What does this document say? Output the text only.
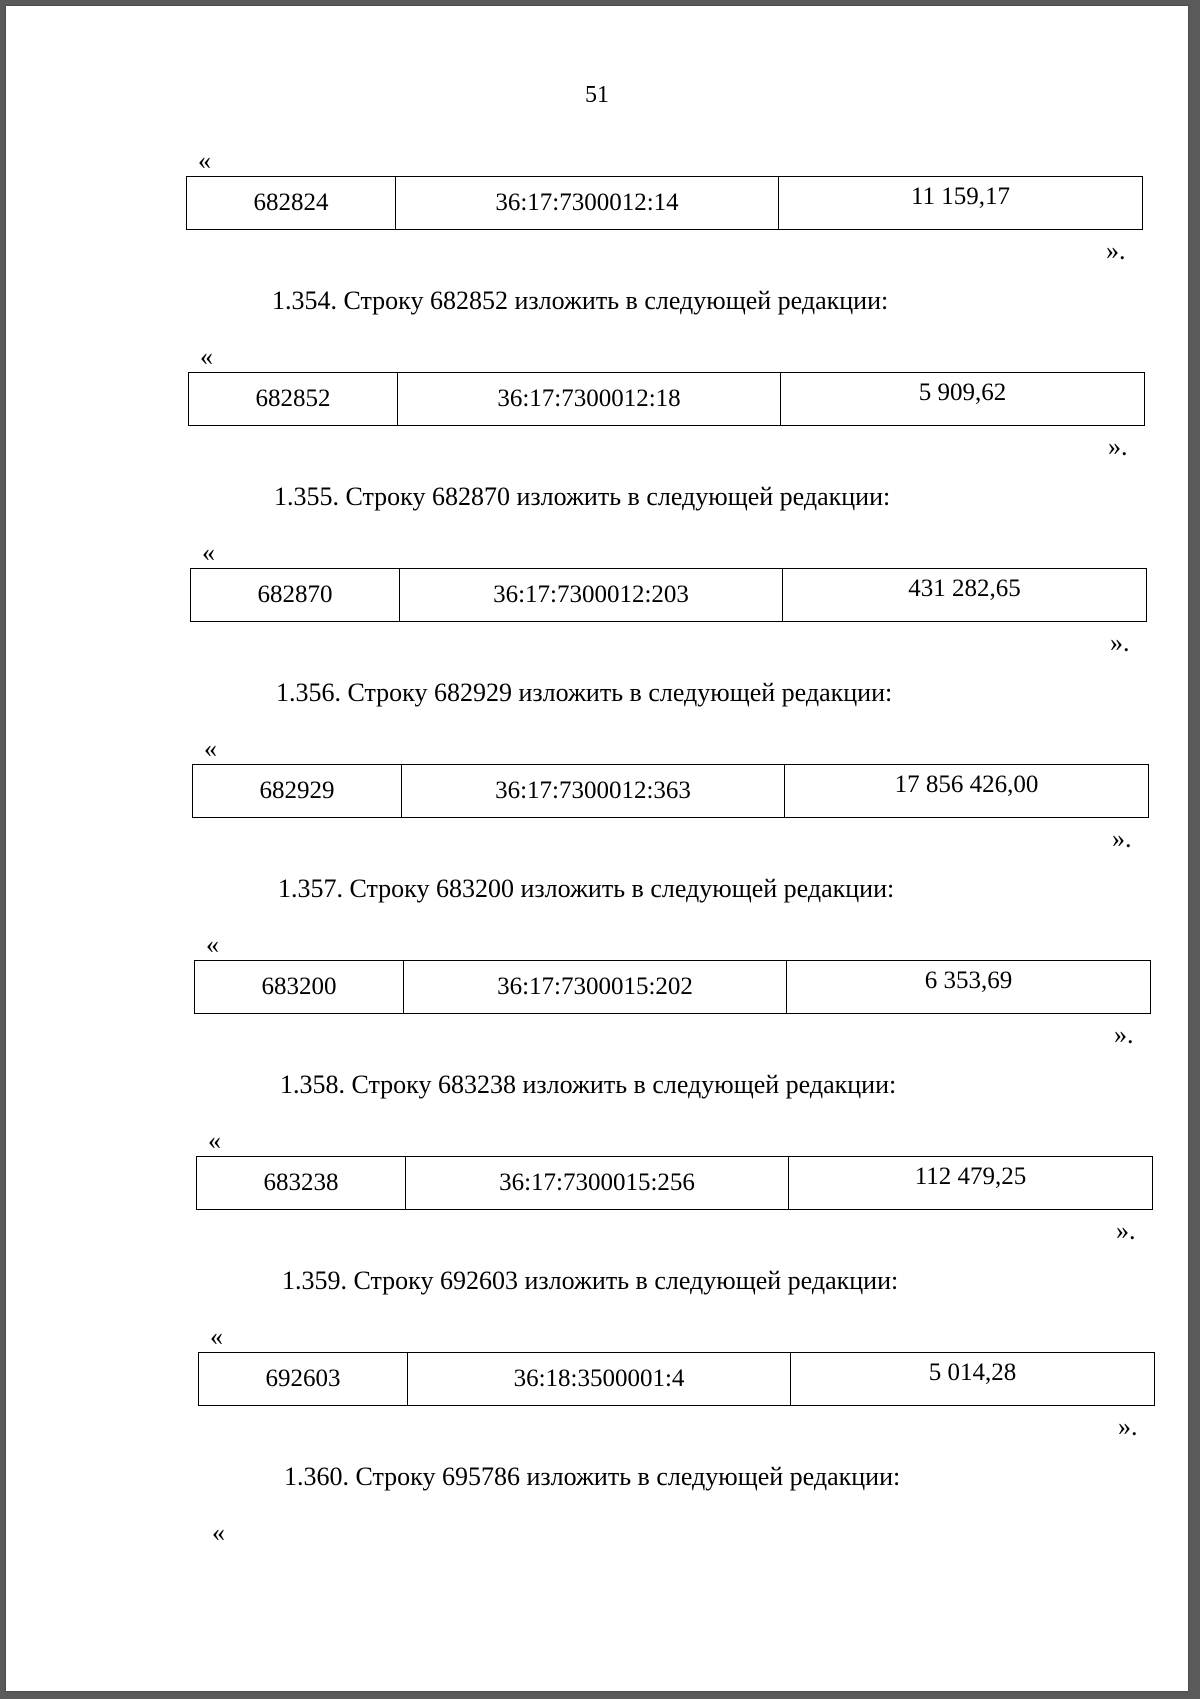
51
«
682824	36:17:7300012:14	11 159,17
».
1.354. Строку 682852 изложить в следующей редакции:
«
682852	36:17:7300012:18	5 909,62
».
1.355. Строку 682870 изложить в следующей редакции:
«
682870	36:17:7300012:203	431 282,65
».
1.356. Строку 682929 изложить в следующей редакции:
«
682929	36:17:7300012:363	17 856 426,00
».
1.357. Строку 683200 изложить в следующей редакции:
«
683200	36:17:7300015:202	6 353,69
».
1.358. Строку 683238 изложить в следующей редакции:
«
683238	36:17:7300015:256	112 479,25
».
1.359. Строку 692603 изложить в следующей редакции:
«
692603	36:18:3500001:4	5 014,28
».
1.360. Строку 695786 изложить в следующей редакции:
«
